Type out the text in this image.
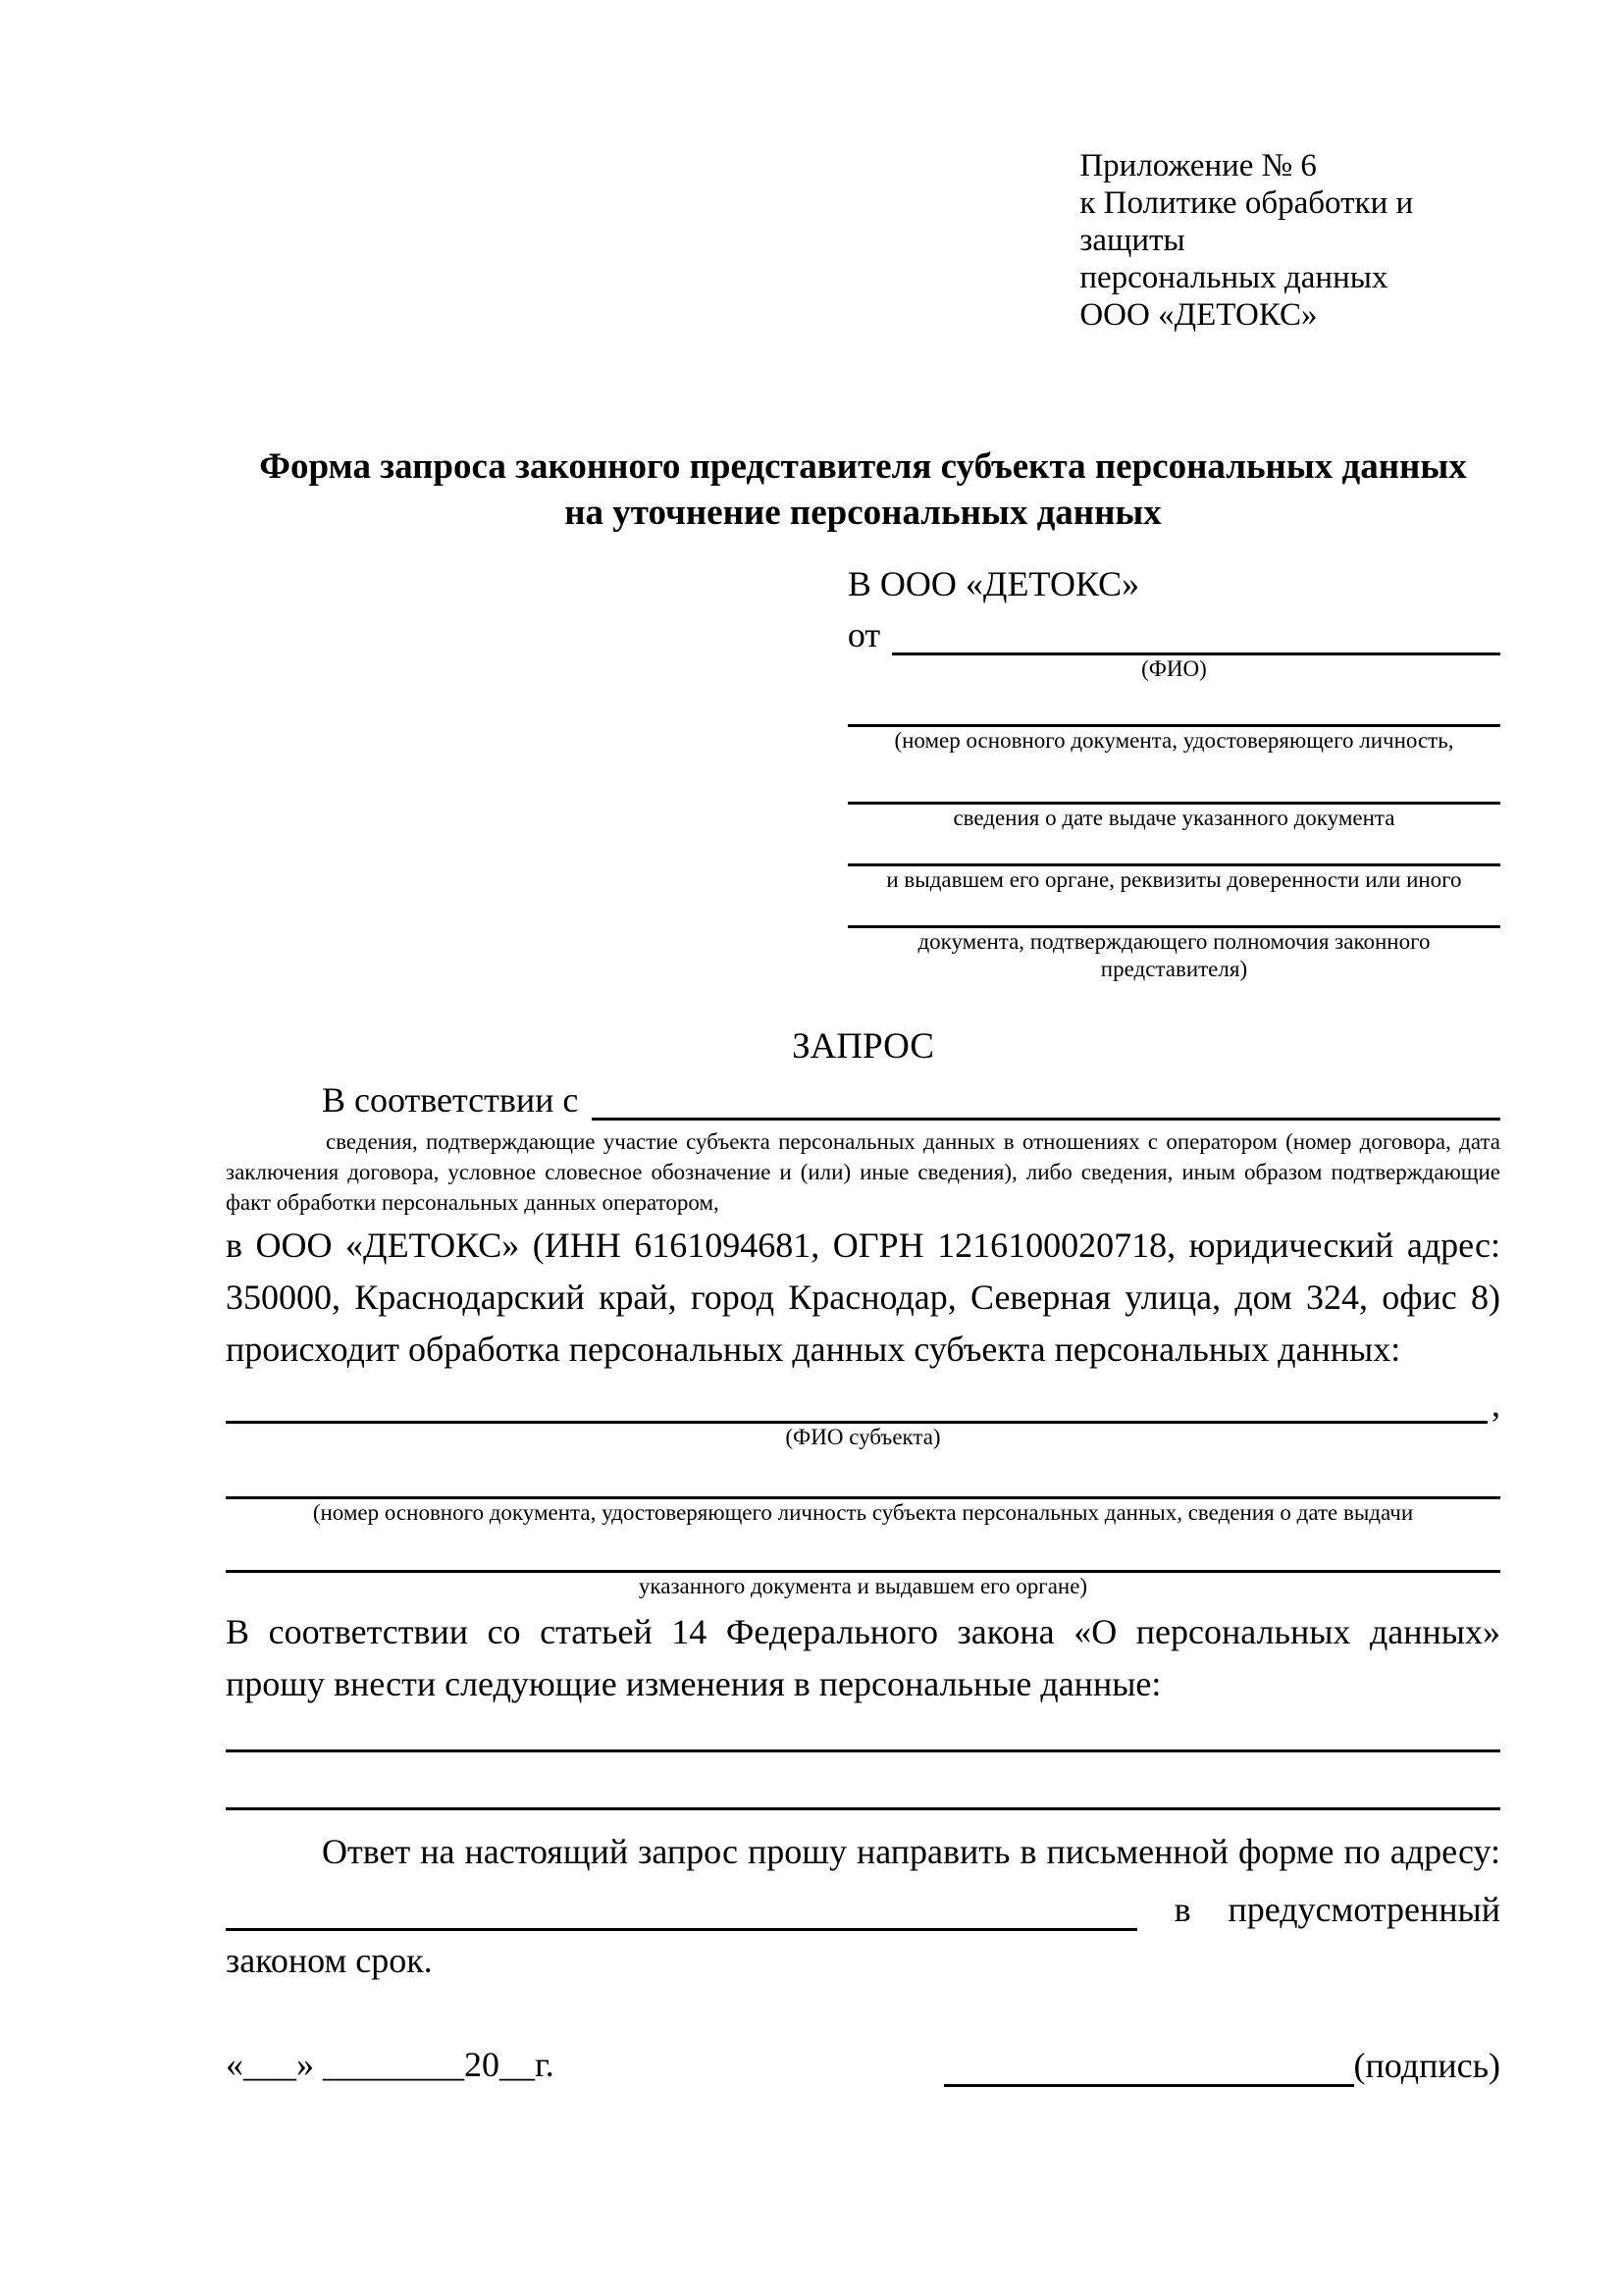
Приложение № 6
к Политике обработки и защиты
персональных данных
ООО «ДЕТОКС»
Форма запроса законного представителя субъекта персональных данных
на уточнение персональных данных
В ООО «ДЕТОКС»
от
(ФИО)
(номер основного документа, удостоверяющего личность,
сведения о дате выдаче указанного документа
и выдавшем его органе, реквизиты доверенности или иного
документа, подтверждающего полномочия законного представителя)
ЗАПРОС
В соответствии с
сведения, подтверждающие участие субъекта персональных данных в отношениях с оператором (номер договора, дата заключения договора, условное словесное обозначение и (или) иные сведения), либо сведения, иным образом подтверждающие факт обработки персональных данных оператором,
в ООО «ДЕТОКС» (ИНН 6161094681, ОГРН 1216100020718, юридический адрес: 350000, Краснодарский край, город Краснодар, Северная улица, дом 324, офис 8) происходит обработка персональных данных субъекта персональных данных:
,
(ФИО субъекта)
(номер основного документа, удостоверяющего личность субъекта персональных данных, сведения о дате выдачи
указанного документа и выдавшем его органе)
В соответствии со статьей 14 Федерального закона «О персональных данных» прошу внести следующие изменения в персональные данные:
Ответ на настоящий запрос прошу направить в письменной форме по адресу:
в предусмотренный
законом срок.
«___» ________20__г.	(подпись)
